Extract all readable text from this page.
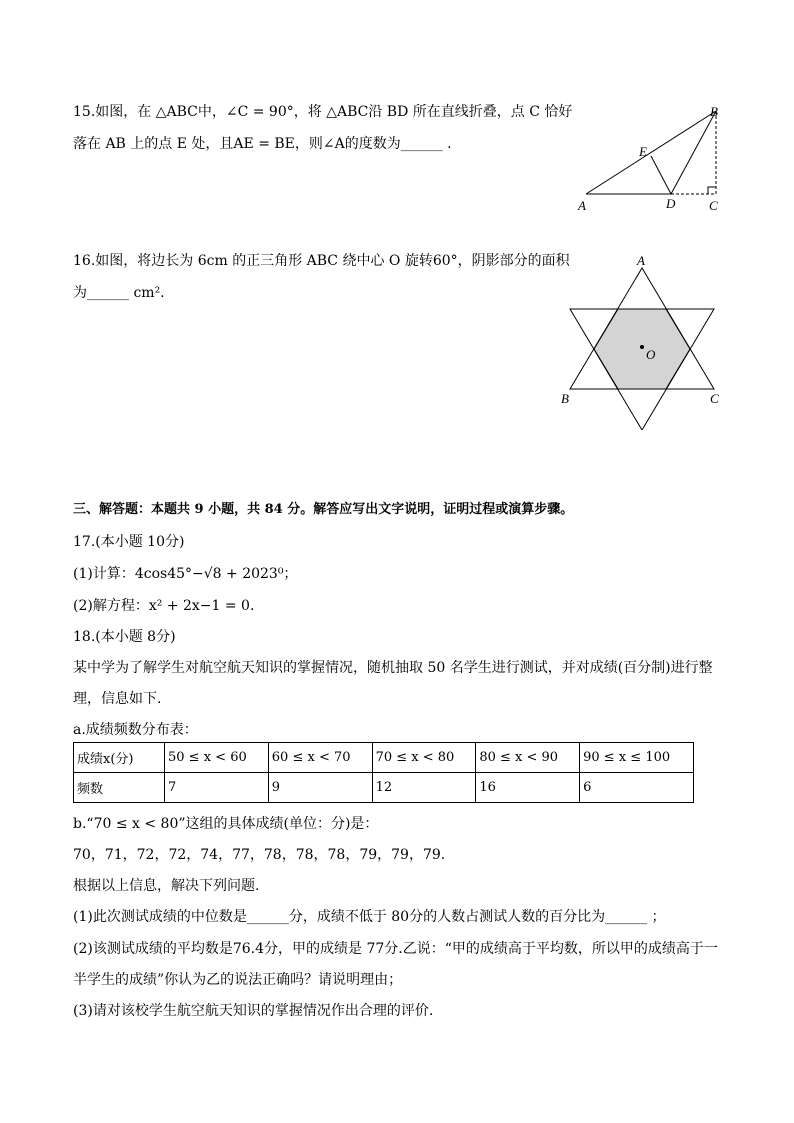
15.如图，在 △ABC中，∠C = 90°，将 △ABC沿 BD 所在直线折叠，点 C 恰好
落在 AB 上的点 E 处，且AE = BE，则∠A的度数为______ .
A
B
C
D
E
16.如图，将边长为 6cm 的正三角形 ABC 绕中心 O 旋转60°，阴影部分的面积
为______ cm².
A
B	C
O
三、解答题：本题共 9 小题，共 84 分。解答应写出文字说明，证明过程或演算步骤。
17.(本小题 10分)
(1)计算：4cos45°−√8 + 2023⁰；
(2)解方程：x² + 2x−1 = 0.
18.(本小题 8分)
某中学为了解学生对航空航天知识的掌握情况，随机抽取 50 名学生进行测试，并对成绩(百分制)进行整
理，信息如下.
a.成绩频数分布表：
成绩x(分)	50 ≤ x < 60	60 ≤ x < 70	70 ≤ x < 80	80 ≤ x < 90	90 ≤ x ≤ 100
频数	7	9	12	16	6
b.“70 ≤ x < 80”这组的具体成绩(单位：分)是：
70，71，72，72，74，77，78，78，78，79，79，79.
根据以上信息，解决下列问题.
(1)此次测试成绩的中位数是______分，成绩不低于 80分的人数占测试人数的百分比为______ ；
(2)该测试成绩的平均数是76.4分，甲的成绩是 77分.乙说：“甲的成绩高于平均数，所以甲的成绩高于一
半学生的成绩”你认为乙的说法正确吗？请说明理由；
(3)请对该校学生航空航天知识的掌握情况作出合理的评价.
